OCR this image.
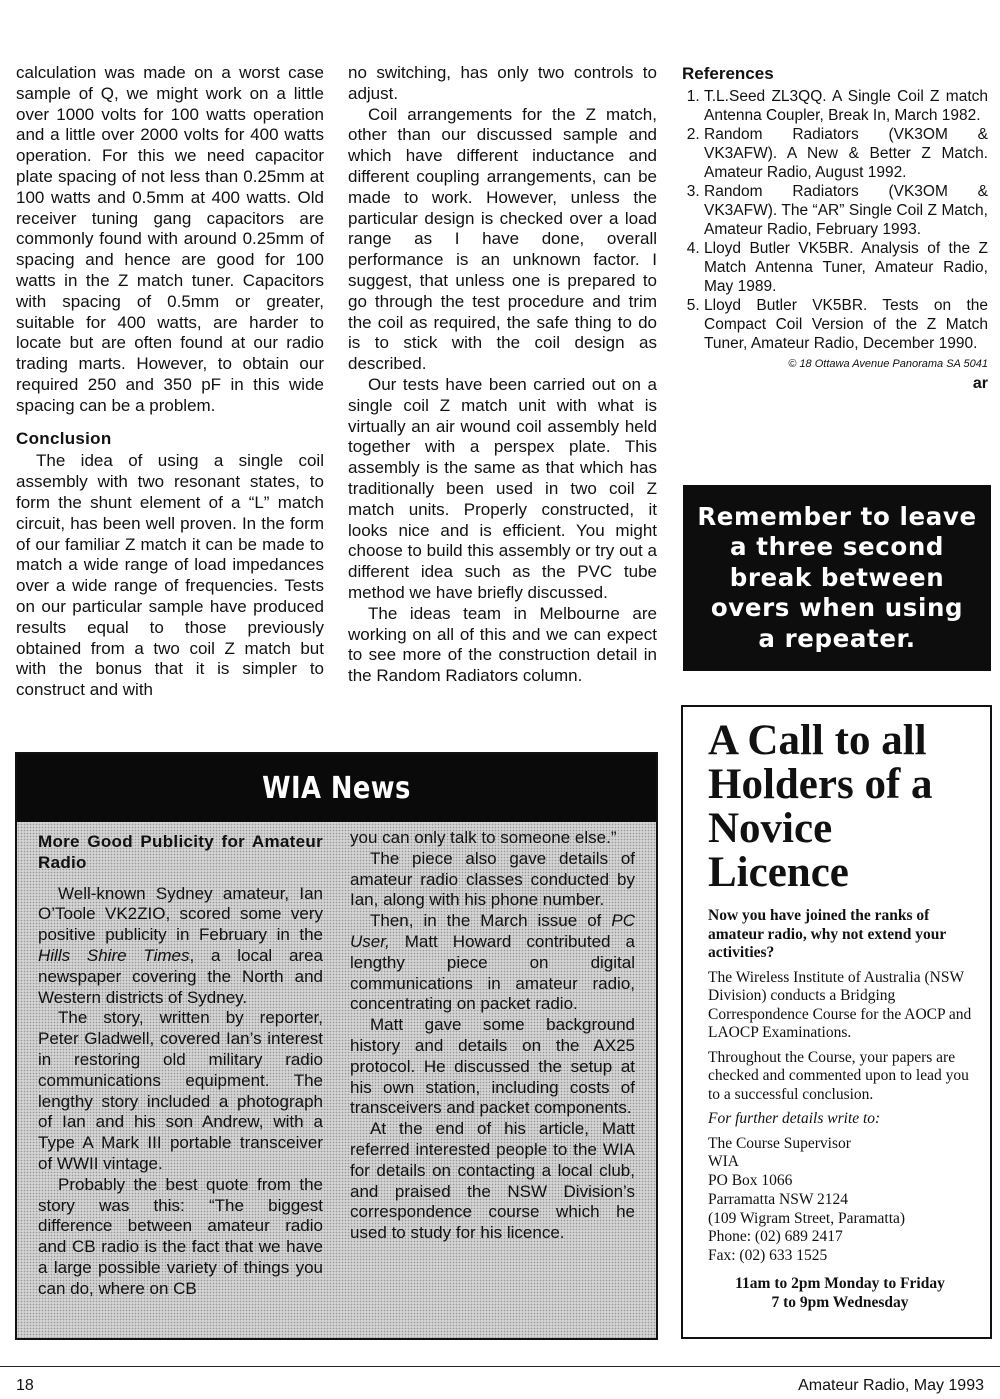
calculation was made on a worst case sample of Q, we might work on a little over 1000 volts for 100 watts operation and a little over 2000 volts for 400 watts operation. For this we need capacitor plate spacing of not less than 0.25mm at 100 watts and 0.5mm at 400 watts. Old receiver tuning gang capacitors are commonly found with around 0.25mm of spacing and hence are good for 100 watts in the Z match tuner. Capacitors with spacing of 0.5mm or greater, suitable for 400 watts, are harder to locate but are often found at our radio trading marts. However, to obtain our required 250 and 350 pF in this wide spacing can be a problem.

Conclusion

The idea of using a single coil assembly with two resonant states, to form the shunt element of a “L” match circuit, has been well proven. In the form of our familiar Z match it can be made to match a wide range of load impedances over a wide range of frequencies. Tests on our particular sample have produced results equal to those previously obtained from a two coil Z match but with the bonus that it is simpler to construct and with

no switching, has only two controls to adjust.

Coil arrangements for the Z match, other than our discussed sample and which have different inductance and different coupling arrangements, can be made to work. However, unless the particular design is checked over a load range as I have done, overall performance is an unknown factor. I suggest, that unless one is prepared to go through the test procedure and trim the coil as required, the safe thing to do is to stick with the coil design as described.

Our tests have been carried out on a single coil Z match unit with what is virtually an air wound coil assembly held together with a perspex plate. This assembly is the same as that which has traditionally been used in two coil Z match units. Properly constructed, it looks nice and is efficient. You might choose to build this assembly or try out a different idea such as the PVC tube method we have briefly discussed.

The ideas team in Melbourne are working on all of this and we can expect to see more of the construction detail in the Random Radiators column.

References
1. T.L.Seed ZL3QQ. A Single Coil Z match Antenna Coupler, Break In, March 1982.
2. Random Radiators (VK3OM & VK3AFW). A New & Better Z Match. Amateur Radio, August 1992.
3. Random Radiators (VK3OM & VK3AFW). The “AR” Single Coil Z Match, Amateur Radio, February 1993.
4. Lloyd Butler VK5BR. Analysis of the Z Match Antenna Tuner, Amateur Radio, May 1989.
5. Lloyd Butler VK5BR. Tests on the Compact Coil Version of the Z Match Tuner, Amateur Radio, December 1990.
© 18 Ottawa Avenue Panorama SA 5041
ar
Remember to leave
a three second
break between
overs when using
a repeater.
A Call to all
Holders of a
Novice
Licence
Now you have joined the ranks of amateur radio, why not extend your activities?

The Wireless Institute of Australia (NSW Division) conducts a Bridging Correspondence Course for the AOCP and LAOCP Examinations.

Throughout the Course, your papers are checked and commented upon to lead you to a successful conclusion.

For further details write to:

The Course Supervisor
WIA
PO Box 1066
Parramatta NSW 2124
(109 Wigram Street, Paramatta)
Phone: (02) 689 2417
Fax: (02) 633 1525
11am to 2pm Monday to Friday
7 to 9pm Wednesday
WIA News
More Good Publicity for Amateur Radio

Well-known Sydney amateur, Ian O’Toole VK2ZIO, scored some very positive publicity in February in the Hills Shire Times, a local area newspaper covering the North and Western districts of Sydney.

The story, written by reporter, Peter Gladwell, covered Ian’s interest in restoring old military radio communications equipment. The lengthy story included a photograph of Ian and his son Andrew, with a Type A Mark III portable transceiver of WWII vintage.

Probably the best quote from the story was this: “The biggest difference between amateur radio and CB radio is the fact that we have a large possible variety of things you can do, where on CB

you can only talk to someone else.”

The piece also gave details of amateur radio classes conducted by Ian, along with his phone number.

Then, in the March issue of PC User, Matt Howard contributed a lengthy piece on digital communications in amateur radio, concentrating on packet radio.

Matt gave some background history and details on the AX25 protocol. He discussed the setup at his own station, including costs of transceivers and packet components.

At the end of his article, Matt referred interested people to the WIA for details on contacting a local club, and praised the NSW Division’s correspondence course which he used to study for his licence.

18	Amateur Radio, May 1993
